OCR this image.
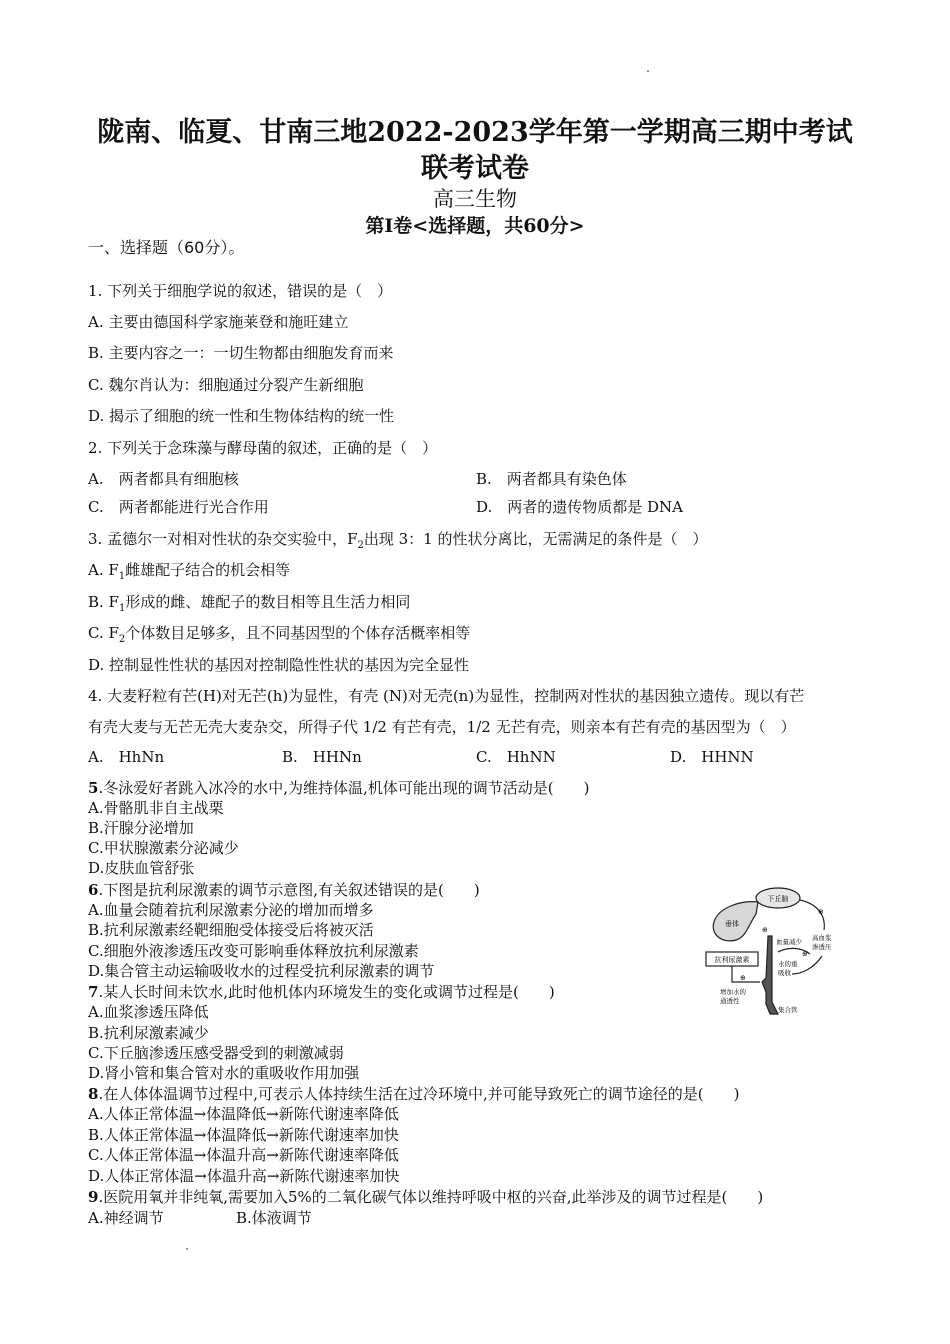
陇南、临夏、甘南三地2022-2023学年第一学期高三期中考试
联考试卷
高三生物
第Ⅰ卷<选择题，共60分>
一、选择题（60分）。
1. 下列关于细胞学说的叙述，错误的是（　）
A. 主要由德国科学家施莱登和施旺建立
B. 主要内容之一：一切生物都由细胞发育而来
C. 魏尔肖认为：细胞通过分裂产生新细胞
D. 揭示了细胞的统一性和生物体结构的统一性
2. 下列关于念珠藻与酵母菌的叙述，正确的是（　）
A.　两者都具有细胞核	B.　两者都具有染色体
C.　两者都能进行光合作用	D.　两者的遗传物质都是 DNA
3. 孟德尔一对相对性状的杂交实验中，$F_2$出现 3：1 的性状分离比，无需满足的条件是（　）
A. $F_1$雌雄配子结合的机会相等
B. $F_1$形成的雌、雄配子的数目相等且生活力相同
C. $F_2$个体数目足够多，且不同基因型的个体存活概率相等
D. 控制显性性状的基因对控制隐性性状的基因为完全显性
4. 大麦籽粒有芒(H)对无芒(h)为显性，有壳 (N)对无壳(n)为显性，控制两对性状的基因独立遗传。现以有芒
有壳大麦与无芒无壳大麦杂交，所得子代 1/2 有芒有壳，1/2 无芒有壳，则亲本有芒有壳的基因型为（　）
A.　HhNn	B.　HHNn	C.　HhNN	D.　HHNN
5.冬泳爱好者跳入冰冷的水中,为维持体温,机体可能出现的调节活动是(　　)
A.骨骼肌非自主战栗
B.汗腺分泌增加
C.甲状腺激素分泌减少
D.皮肤血管舒张
6.下图是抗利尿激素的调节示意图,有关叙述错误的是(　　)
A.血量会随着抗利尿激素分泌的增加而增多
B.抗利尿激素经靶细胞受体接受后将被灭活
C.细胞外液渗透压改变可影响垂体释放抗利尿激素
D.集合管主动运输吸收水的过程受抗利尿激素的调节
下丘脑
垂体
抗利尿激素
血量减少 高血浆
渗透压
水的重
吸收
增加水的
通透性
集合管
⊕
⊕
⊕
⊕
7.某人长时间未饮水,此时他机体内环境发生的变化或调节过程是(　　)
A.血浆渗透压降低
B.抗利尿激素减少
C.下丘脑渗透压感受器受到的刺激减弱
D.肾小管和集合管对水的重吸收作用加强
8.在人体体温调节过程中,可表示人体持续生活在过冷环境中,并可能导致死亡的调节途径的是(　　)
A.人体正常体温→体温降低→新陈代谢速率降低
B.人体正常体温→体温降低→新陈代谢速率加快
C.人体正常体温→体温升高→新陈代谢速率降低
D.人体正常体温→体温升高→新陈代谢速率加快
9.医院用氧并非纯氧,需要加入5%的二氧化碳气体以维持呼吸中枢的兴奋,此举涉及的调节过程是(　　)
A.神经调节	B.体液调节
